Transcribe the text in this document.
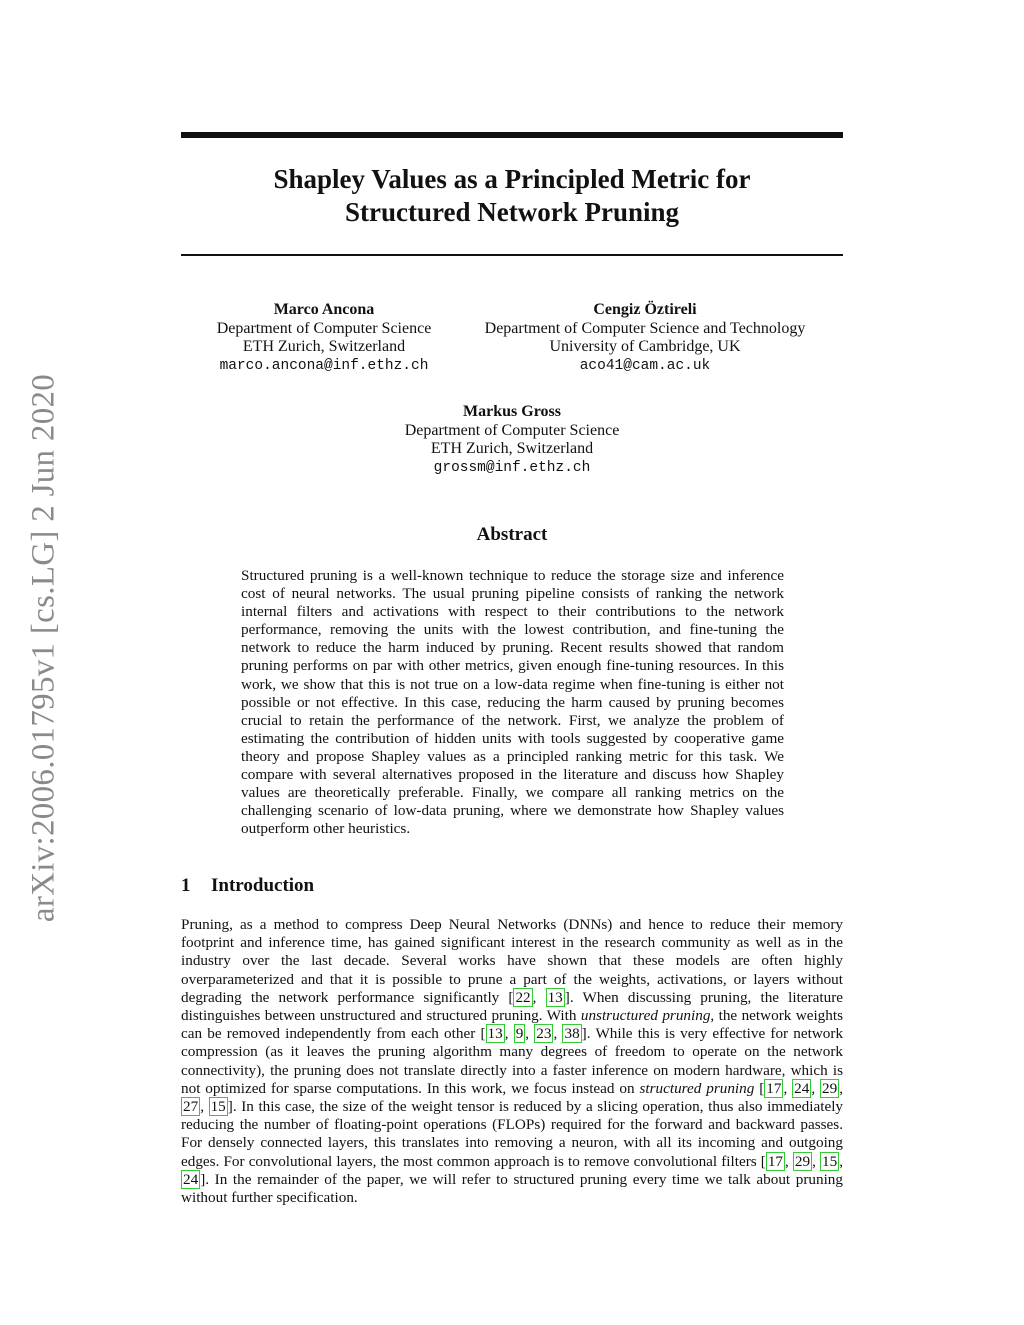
arXiv:2006.01795v1 [cs.LG] 2 Jun 2020
Shapley Values as a Principled Metric for
Structured Network Pruning
Marco Ancona
Department of Computer Science
ETH Zurich, Switzerland
marco.ancona@inf.ethz.ch
Cengiz Öztireli
Department of Computer Science and Technology
University of Cambridge, UK
aco41@cam.ac.uk
Markus Gross
Department of Computer Science
ETH Zurich, Switzerland
grossm@inf.ethz.ch
Abstract
Structured pruning is a well-known technique to reduce the storage size and inference cost of neural networks. The usual pruning pipeline consists of ranking the network internal filters and activations with respect to their contributions to the network performance, removing the units with the lowest contribution, and fine-tuning the network to reduce the harm induced by pruning. Recent results showed that random pruning performs on par with other metrics, given enough fine-tuning resources. In this work, we show that this is not true on a low-data regime when fine-tuning is either not possible or not effective. In this case, reducing the harm caused by pruning becomes crucial to retain the performance of the network. First, we analyze the problem of estimating the contribution of hidden units with tools suggested by cooperative game theory and propose Shapley values as a principled ranking metric for this task. We compare with several alternatives proposed in the literature and discuss how Shapley values are theoretically preferable. Finally, we compare all ranking metrics on the challenging scenario of low-data pruning, where we demonstrate how Shapley values outperform other heuristics.
1 Introduction
Pruning, as a method to compress Deep Neural Networks (DNNs) and hence to reduce their memory footprint and inference time, has gained significant interest in the research community as well as in the industry over the last decade. Several works have shown that these models are often highly overparameterized and that it is possible to prune a part of the weights, activations, or layers without degrading the network performance significantly [ 22 , 13 ]. When discussing pruning, the literature distinguishes between unstructured and structured pruning. With unstructured pruning, the network weights can be removed independently from each other [ 13 , 9 , 23 , 38 ]. While this is very effective for network compression (as it leaves the pruning algorithm many degrees of freedom to operate on the network connectivity), the pruning does not translate directly into a faster inference on modern hardware, which is not optimized for sparse computations. In this work, we focus instead on structured pruning [ 17 , 24 , 29 , 27 , 15 ]. In this case, the size of the weight tensor is reduced by a slicing operation, thus also immediately reducing the number of floating-point operations (FLOPs) required for the forward and backward passes. For densely connected layers, this translates into removing a neuron, with all its incoming and outgoing edges. For convolutional layers, the most common approach is to remove convolutional filters [ 17 , 29 , 15 , 24 ]. In the remainder of the paper, we will refer to structured pruning every time we talk about pruning without further specification.
